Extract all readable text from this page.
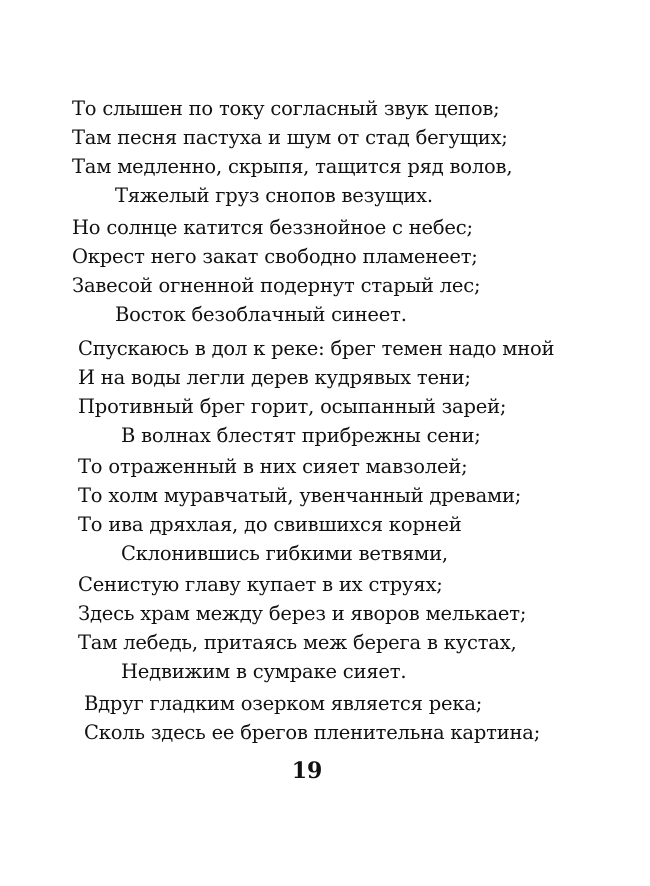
То слышен по току согласный звук цепов;
Там песня пастуха и шум от стад бегущих;
Там медленно, скрыпя, тащится ряд волов,
Тяжелый груз снопов везущих.
Но солнце катится беззнойное с небес;
Окрест него закат свободно пламенеет;
Завесой огненной подернут старый лес;
Восток безоблачный синеет.
Спускаюсь в дол к реке: брег темен надо мной
И на воды легли дерев кудрявых тени;
Противный брег горит, осыпанный зарей;
В волнах блестят прибрежны сени;
То отраженный в них сияет мавзолей;
То холм муравчатый, увенчанный древами;
То ива дряхлая, до свившихся корней
Склонившись гибкими ветвями,
Сенистую главу купает в их струях;
Здесь храм между берез и яворов мелькает;
Там лебедь, притаясь меж берега в кустах,
Недвижим в сумраке сияет.
Вдруг гладким озерком является река;
Сколь здесь ее брегов пленительна картина;
19
